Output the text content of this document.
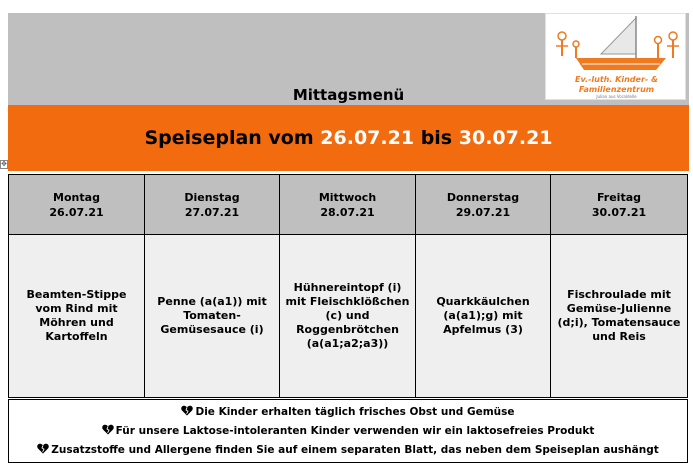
Mittagsmenü
Ev.-luth. Kinder- &
Familienzentrum
Julian aus Voraldelle
Speiseplan vom 26.07.21 bis 30.07.21
✥
Montag
26.07.21
Dienstag
27.07.21
Mittwoch
28.07.21
Donnerstag
29.07.21
Freitag
30.07.21
Beamten-Stippe
vom Rind mit
Möhren und
Kartoffeln
Penne (a(a1)) mit
Tomaten-
Gemüsesauce (i)
Hühnereintopf (i)
mit Fleischklößchen
(c) und
Roggenbrötchen
(a(a1;a2;a3))
Quarkkäulchen
(a(a1);g) mit
Apfelmus (3)
Fischroulade mit
Gemüse-Julienne
(d;i), Tomatensauce
und Reis
Die Kinder erhalten täglich frisches Obst und Gemüse
Für unsere Laktose-intoleranten Kinder verwenden wir ein laktosefreies Produkt
Zusatzstoffe und Allergene finden Sie auf einem separaten Blatt, das neben dem Speiseplan aushängt
